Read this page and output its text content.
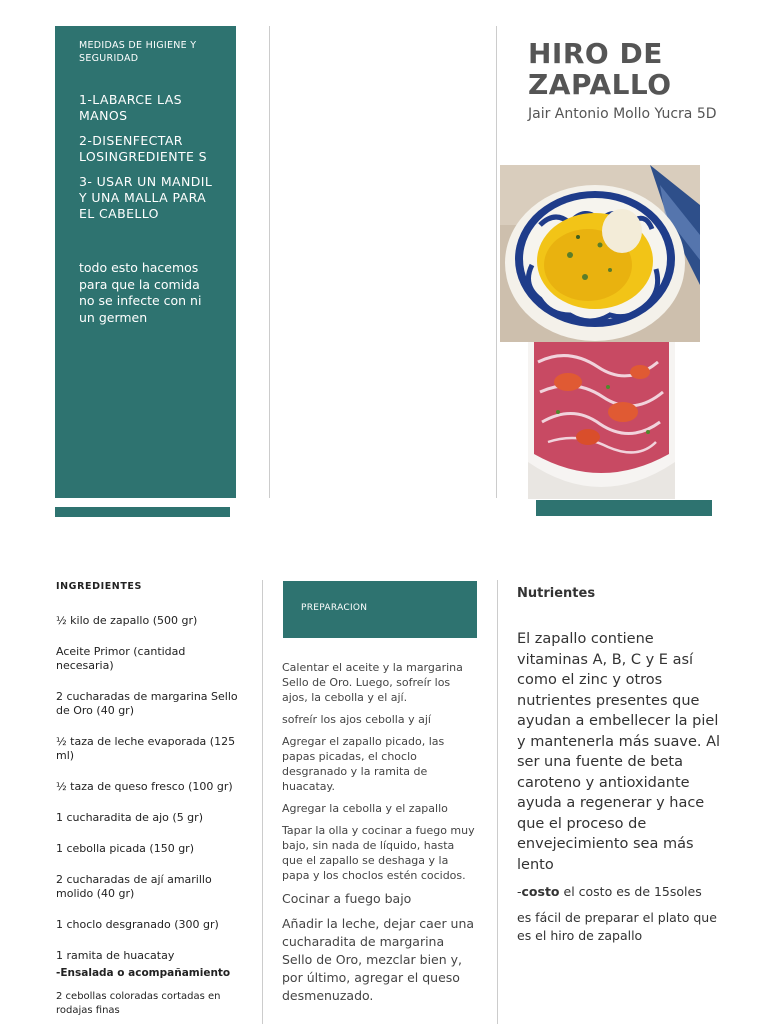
MEDIDAS DE HIGIENE Y SEGURIDAD

1-LABARCE LAS MANOS

2-DISENFECTAR LOSINGREDIENTE S

3- USAR UN MANDIL Y UNA MALLA PARA EL CABELLO

todo esto hacemos para que la comida no se infecte con ni un germen
HIRO DE ZAPALLO
Jair Antonio Mollo Yucra 5D
INGREDIENTES
½ kilo de zapallo (500 gr)
Aceite Primor (cantidad necesaria)
2 cucharadas de margarina Sello de Oro (40 gr)
½ taza de leche evaporada (125 ml)
½ taza de queso fresco (100 gr)
1 cucharadita de ajo (5 gr)
1 cebolla picada (150 gr)
2 cucharadas de ají amarillo molido (40 gr)
1 choclo desgranado (300 gr)
1 ramita de huacatay
-Ensalada o acompañamiento
2 cebollas coloradas cortadas en rodajas finas
PREPARACION

Calentar el aceite y la margarina Sello de Oro. Luego, sofreír los ajos, la cebolla y el ají.

sofreír los ajos cebolla y ají

Agregar el zapallo picado, las papas picadas, el choclo desgranado y la ramita de huacatay.

Agregar la cebolla y el zapallo

Tapar la olla y cocinar a fuego muy bajo, sin nada de líquido, hasta que el zapallo se deshaga y la papa y los choclos estén cocidos.

Cocinar a fuego bajo

Añadir la leche, dejar caer una cucharadita de margarina Sello de Oro, mezclar bien y, por último, agregar el queso desmenuzado.

Nutrientes
El zapallo contiene vitaminas A, B, C y E así como el zinc y otros nutrientes presentes que ayudan a embellecer la piel y mantenerla más suave. Al ser una fuente de beta caroteno y antioxidante ayuda a regenerar y hace que el proceso de envejecimiento sea más lento
-costo el costo es de 15soles
es fácil de preparar el plato que es el hiro de zapallo
